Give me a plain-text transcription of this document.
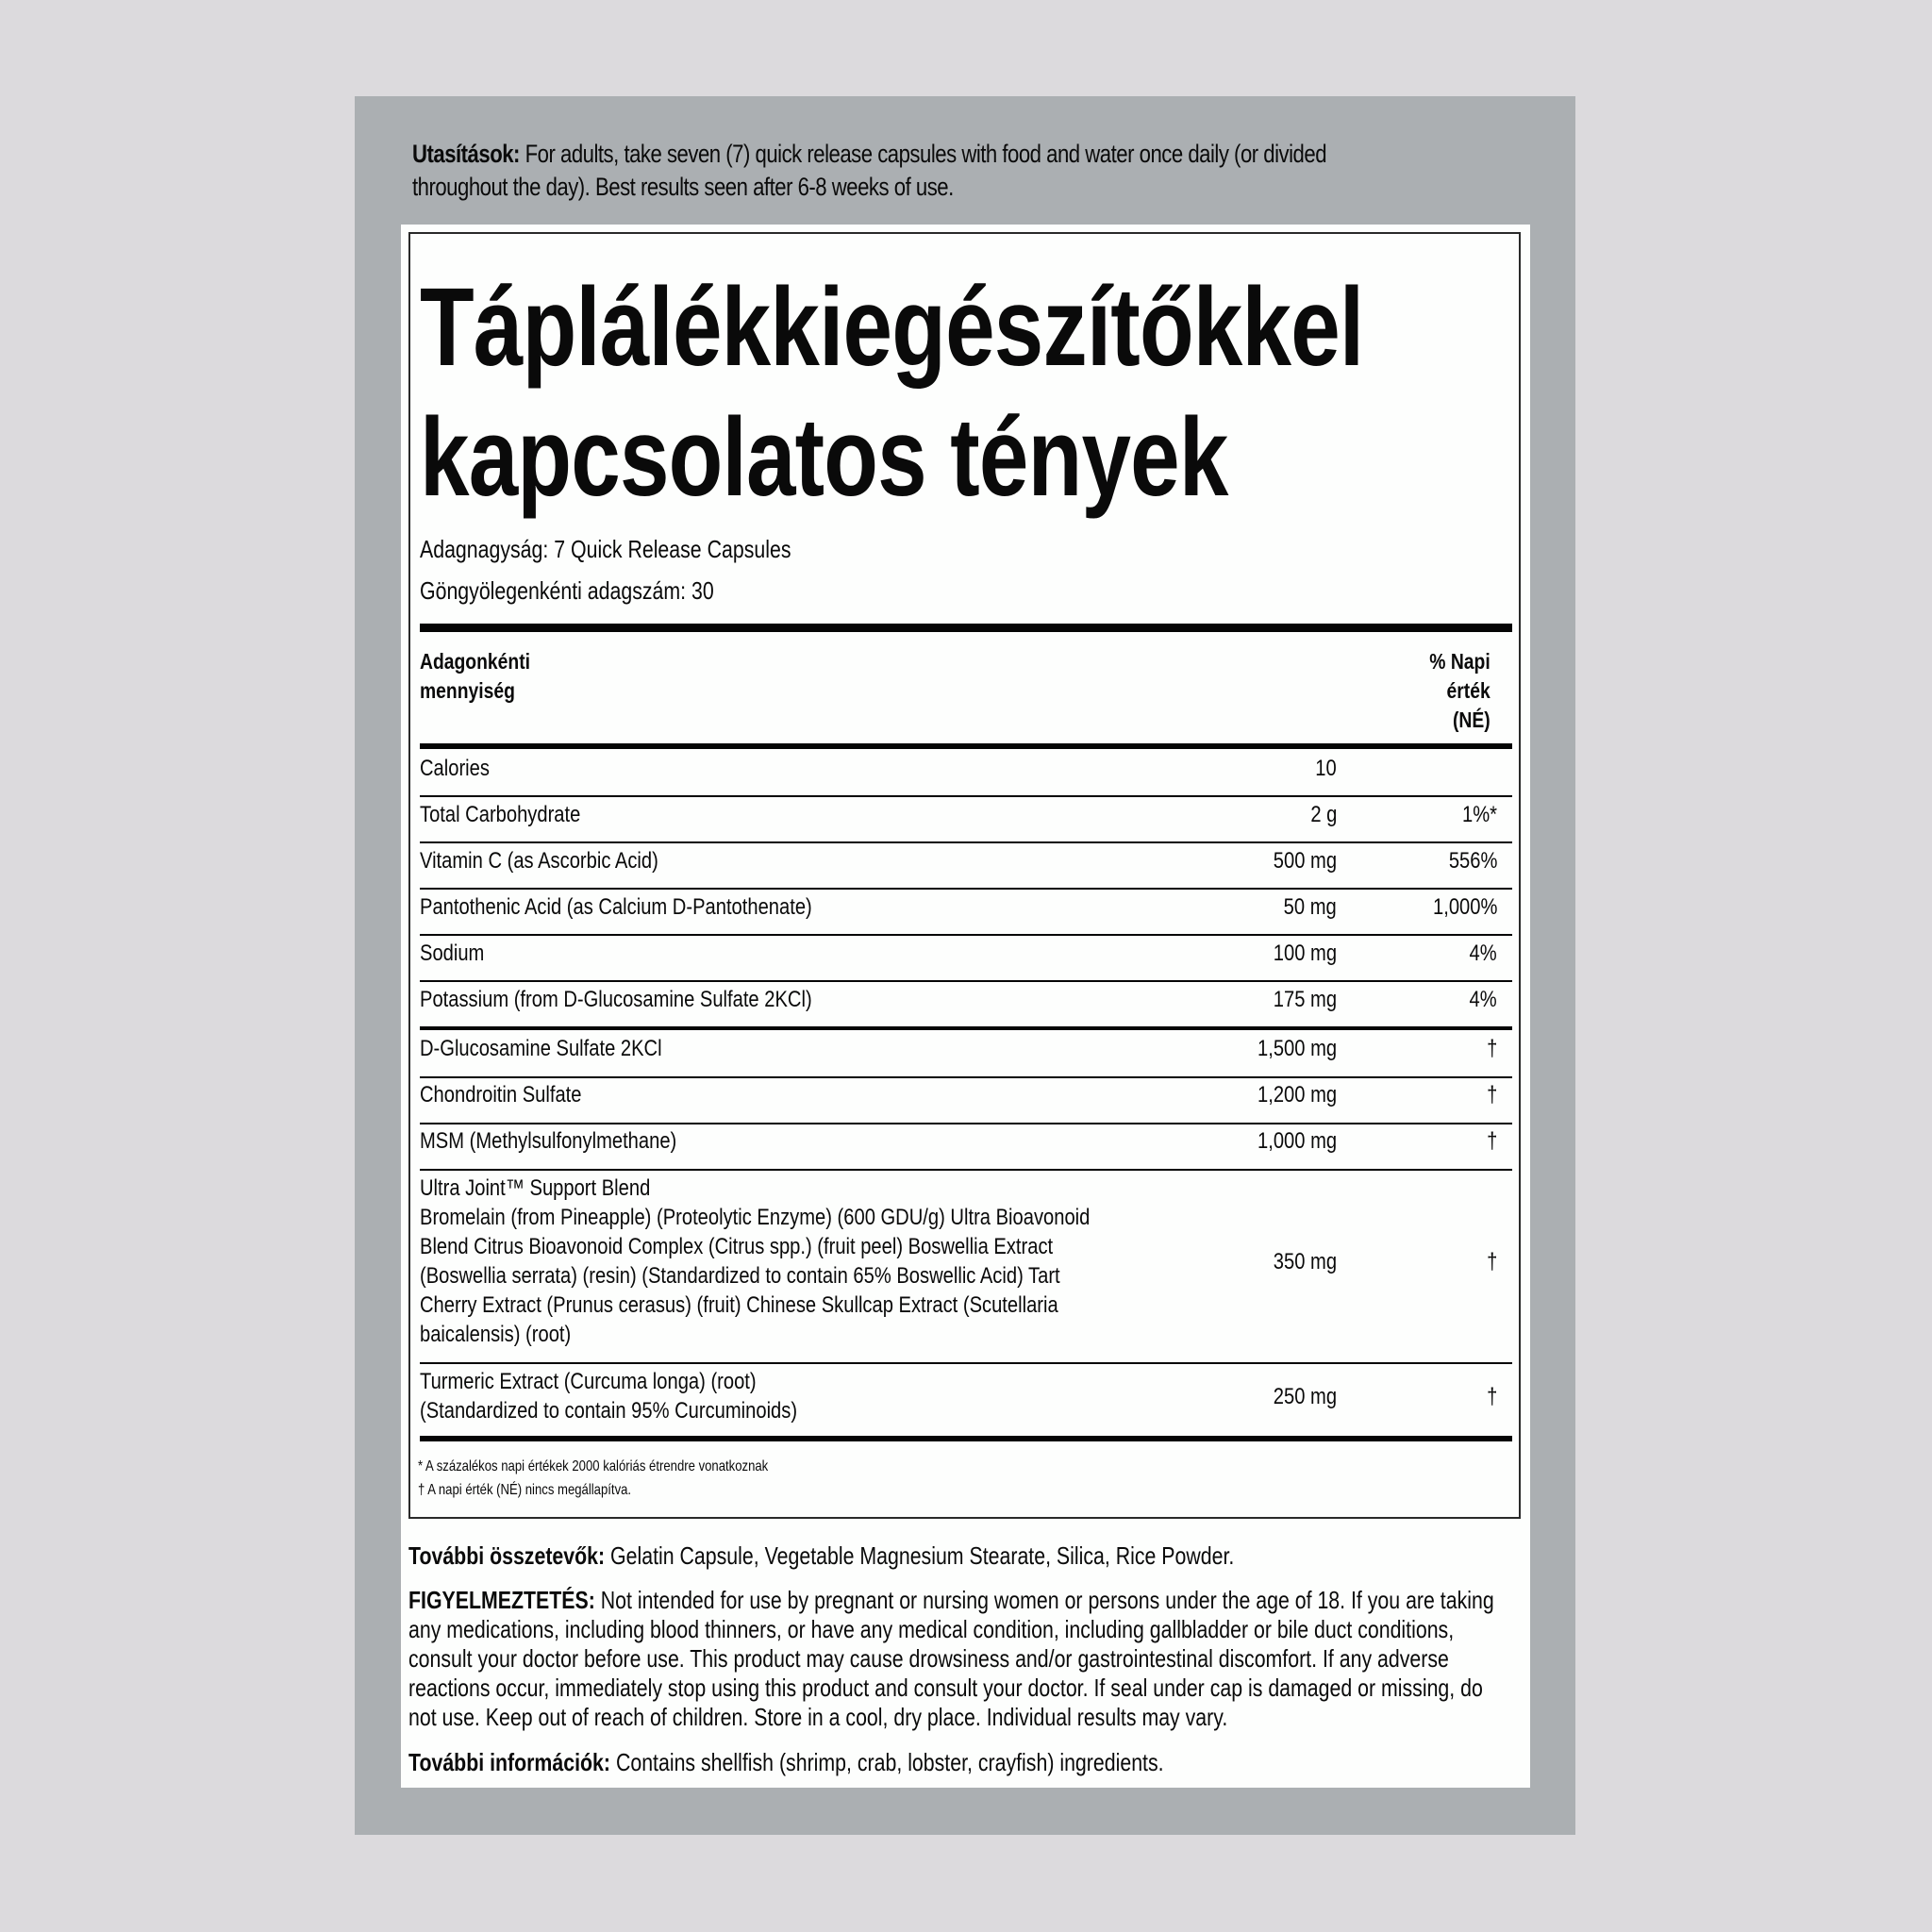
Utasítások: For adults, take seven (7) quick release capsules with food and water once daily (or divided
throughout the day). Best results seen after 6-8 weeks of use.
Táplálékkiegészítőkkel
kapcsolatos tények
Adagnagyság: 7 Quick Release Capsules
Göngyölegenkénti adagszám: 30
Adagonkénti
mennyiség
% Napi
érték
(NÉ)
Calories	10
Total Carbohydrate	2 g	1%*
Vitamin C (as Ascorbic Acid)	500 mg	556%
Pantothenic Acid (as Calcium D-Pantothenate)	50 mg	1,000%
Sodium	100 mg	4%
Potassium (from D-Glucosamine Sulfate 2KCl)	175 mg	4%
D-Glucosamine Sulfate 2KCl	1,500 mg	†
Chondroitin Sulfate	1,200 mg	†
MSM (Methylsulfonylmethane)	1,000 mg	†
Ultra Joint™ Support Blend
Bromelain (from Pineapple) (Proteolytic Enzyme) (600 GDU/g) Ultra Bioavonoid
Blend Citrus Bioavonoid Complex (Citrus spp.) (fruit peel) Boswellia Extract
(Boswellia serrata) (resin) (Standardized to contain 65% Boswellic Acid) Tart
Cherry Extract (Prunus cerasus) (fruit) Chinese Skullcap Extract (Scutellaria
baicalensis) (root)
350 mg	†
Turmeric Extract (Curcuma longa) (root)
(Standardized to contain 95% Curcuminoids)
250 mg	†
* A százalékos napi értékek 2000 kalóriás étrendre vonatkoznak
† A napi érték (NÉ) nincs megállapítva.
További összetevők: Gelatin Capsule, Vegetable Magnesium Stearate, Silica, Rice Powder.
FIGYELMEZTETÉS: Not intended for use by pregnant or nursing women or persons under the age of 18. If you are taking
any medications, including blood thinners, or have any medical condition, including gallbladder or bile duct conditions,
consult your doctor before use. This product may cause drowsiness and/or gastrointestinal discomfort. If any adverse
reactions occur, immediately stop using this product and consult your doctor. If seal under cap is damaged or missing, do
not use. Keep out of reach of children. Store in a cool, dry place. Individual results may vary.
További információk: Contains shellfish (shrimp, crab, lobster, crayfish) ingredients.
